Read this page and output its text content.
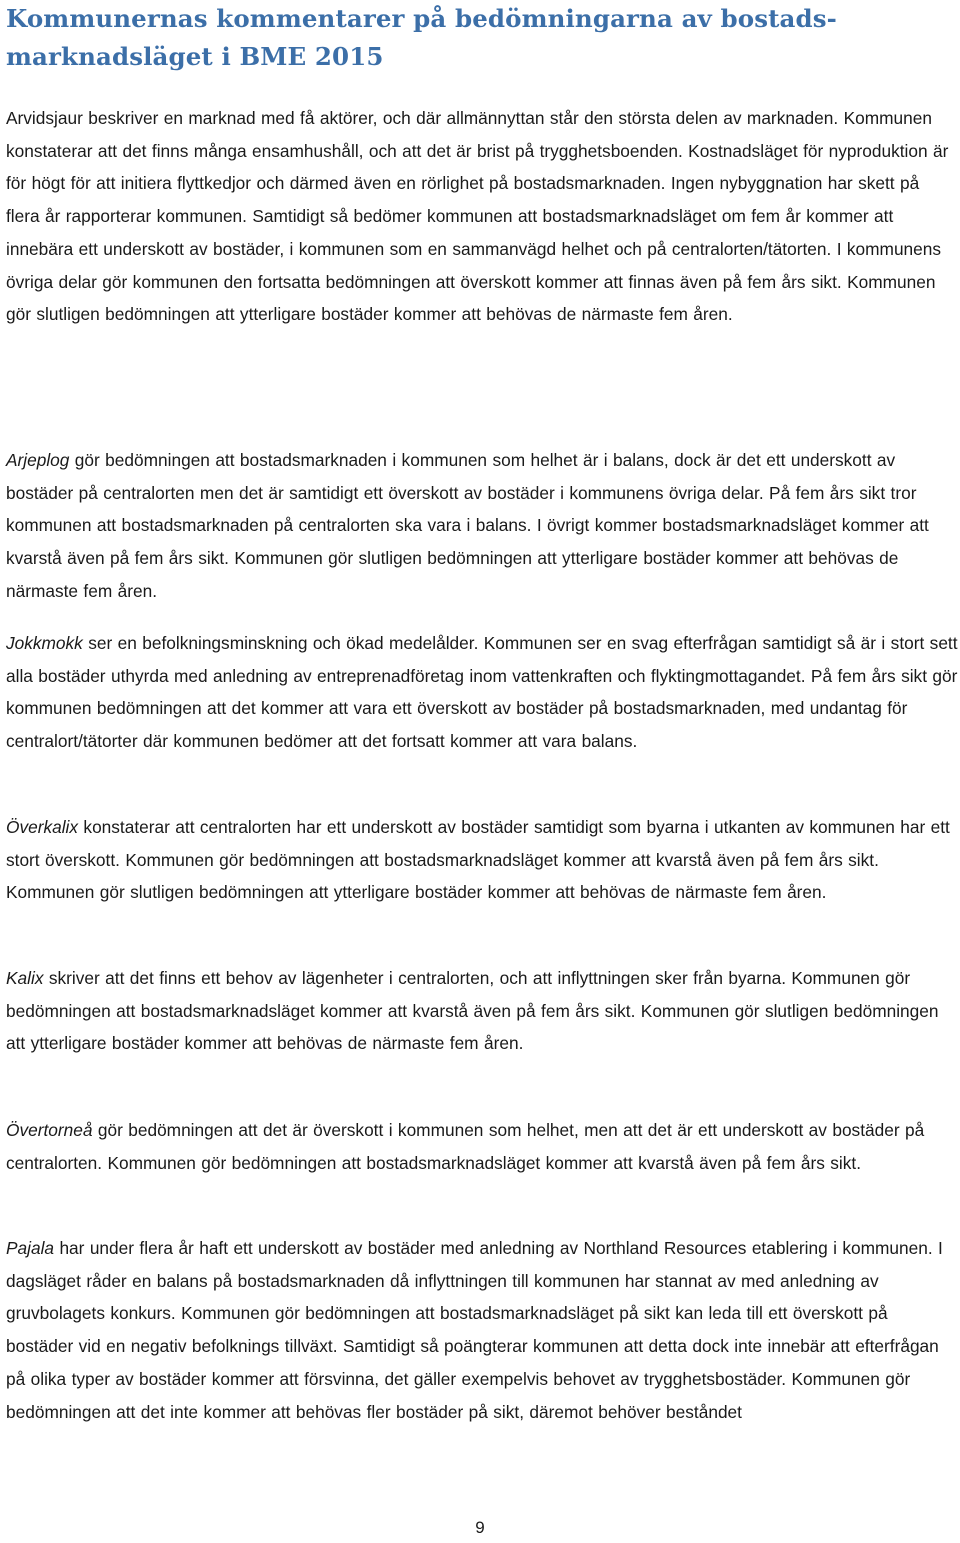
Kommunernas kommentarer på bedömningarna av bostads-marknadsläget i BME 2015

Arvidsjaur beskriver en marknad med få aktörer, och där allmännyttan står den största delen av marknaden. Kommunen konstaterar att det finns många ensamhushåll, och att det är brist på trygghetsboenden. Kostnadsläget för nyproduktion är för högt för att initiera flyttkedjor och därmed även en rörlighet på bostadsmarknaden. Ingen nybyggnation har skett på flera år rapporterar kommunen. Samtidigt så bedömer kommunen att bostadsmarknadsläget om fem år kommer att innebära ett underskott av bostäder, i kommunen som en sammanvägd helhet och på centralorten/tätorten. I kommunens övriga delar gör kommunen den fortsatta bedömningen att överskott kommer att finnas även på fem års sikt. Kommunen gör slutligen bedömningen att ytterligare bostäder kommer att behövas de närmaste fem åren.

Arjeplog gör bedömningen att bostadsmarknaden i kommunen som helhet är i balans, dock är det ett underskott av bostäder på centralorten men det är samtidigt ett överskott av bostäder i kommunens övriga delar. På fem års sikt tror kommunen att bostadsmarknaden på centralorten ska vara i balans. I övrigt kommer bostadsmarknadsläget kommer att kvarstå även på fem års sikt. Kommunen gör slutligen bedömningen att ytterligare bostäder kommer att behövas de närmaste fem åren.

Jokkmokk ser en befolkningsminskning och ökad medelålder. Kommunen ser en svag efterfrågan samtidigt så är i stort sett alla bostäder uthyrda med anledning av entreprenadföretag inom vattenkraften och flyktingmottagandet. På fem års sikt gör kommunen bedömningen att det kommer att vara ett överskott av bostäder på bostadsmarknaden, med undantag för centralort/tätorter där kommunen bedömer att det fortsatt kommer att vara balans.

Överkalix konstaterar att centralorten har ett underskott av bostäder samtidigt som byarna i utkanten av kommunen har ett stort överskott. Kommunen gör bedömningen att bostadsmarknadsläget kommer att kvarstå även på fem års sikt. Kommunen gör slutligen bedömningen att ytterligare bostäder kommer att behövas de närmaste fem åren.

Kalix skriver att det finns ett behov av lägenheter i centralorten, och att inflyttningen sker från byarna. Kommunen gör bedömningen att bostadsmarknadsläget kommer att kvarstå även på fem års sikt. Kommunen gör slutligen bedömningen att ytterligare bostäder kommer att behövas de närmaste fem åren.

Övertorneå gör bedömningen att det är överskott i kommunen som helhet, men att det är ett underskott av bostäder på centralorten. Kommunen gör bedömningen att bostadsmarknadsläget kommer att kvarstå även på fem års sikt.

Pajala har under flera år haft ett underskott av bostäder med anledning av Northland Resources etablering i kommunen. I dagsläget råder en balans på bostadsmarknaden då inflyttningen till kommunen har stannat av med anledning av gruvbolagets konkurs. Kommunen gör bedömningen att bostadsmarknadsläget på sikt kan leda till ett överskott på bostäder vid en negativ befolknings tillväxt. Samtidigt så poängterar kommunen att detta dock inte innebär att efterfrågan på olika typer av bostäder kommer att försvinna, det gäller exempelvis behovet av trygghetsbostäder. Kommunen gör bedömningen att det inte kommer att behövas fler bostäder på sikt, däremot behöver beståndet

9
